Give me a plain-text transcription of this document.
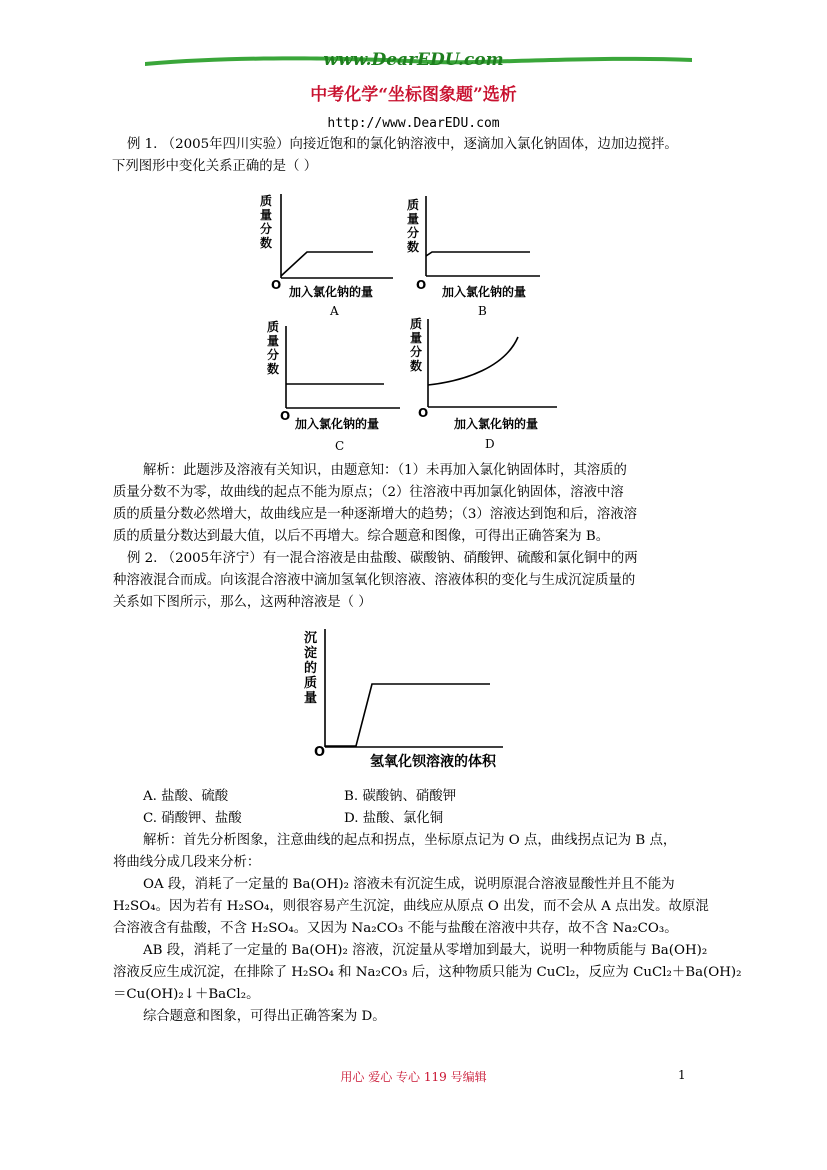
www.DearEDU.com
中考化学“坐标图象题”选析
http://www.DearEDU.com
例 1. （2005年四川实验）向接近饱和的氯化钠溶液中，逐滴加入氯化钠固体，边加边搅拌。
下列图形中变化关系正确的是（ ）
质量分数
O 加入氯化钠的量
A
质量分数
O 加入氯化钠的量
B
质量分数
O
加入氯化钠的量
C
质量分数
O
加入氯化钠的量
D
解析：此题涉及溶液有关知识，由题意知：（1）未再加入氯化钠固体时，其溶质的
质量分数不为零，故曲线的起点不能为原点；（2）往溶液中再加氯化钠固体，溶液中溶
质的质量分数必然增大，故曲线应是一种逐渐增大的趋势；（3）溶液达到饱和后，溶液溶
质的质量分数达到最大值，以后不再增大。综合题意和图像，可得出正确答案为 B。
例 2. （2005年济宁）有一混合溶液是由盐酸、碳酸钠、硝酸钾、硫酸和氯化铜中的两
种溶液混合而成。向该混合溶液中滴加氢氧化钡溶液、溶液体积的变化与生成沉淀质量的
关系如下图所示，那么，这两种溶液是（ ）
沉淀的质量
O
氢氧化钡溶液的体积
A. 盐酸、硫酸	B. 碳酸钠、硝酸钾
C. 硝酸钾、盐酸	D. 盐酸、氯化铜
解析：首先分析图象，注意曲线的起点和拐点，坐标原点记为 O 点，曲线拐点记为 B 点，
将曲线分成几段来分析：
OA 段，消耗了一定量的 Ba(OH)₂ 溶液未有沉淀生成，说明原混合溶液显酸性并且不能为
H₂SO₄。因为若有 H₂SO₄，则很容易产生沉淀，曲线应从原点 O 出发，而不会从 A 点出发。故原混
合溶液含有盐酸，不含 H₂SO₄。又因为 Na₂CO₃ 不能与盐酸在溶液中共存，故不含 Na₂CO₃。
AB 段，消耗了一定量的 Ba(OH)₂ 溶液，沉淀量从零增加到最大，说明一种物质能与 Ba(OH)₂
溶液反应生成沉淀，在排除了 H₂SO₄ 和 Na₂CO₃ 后，这种物质只能为 CuCl₂，反应为 CuCl₂＋Ba(OH)₂
＝Cu(OH)₂↓＋BaCl₂。
综合题意和图象，可得出正确答案为 D。
用心 爱心 专心 119 号编辑	1
